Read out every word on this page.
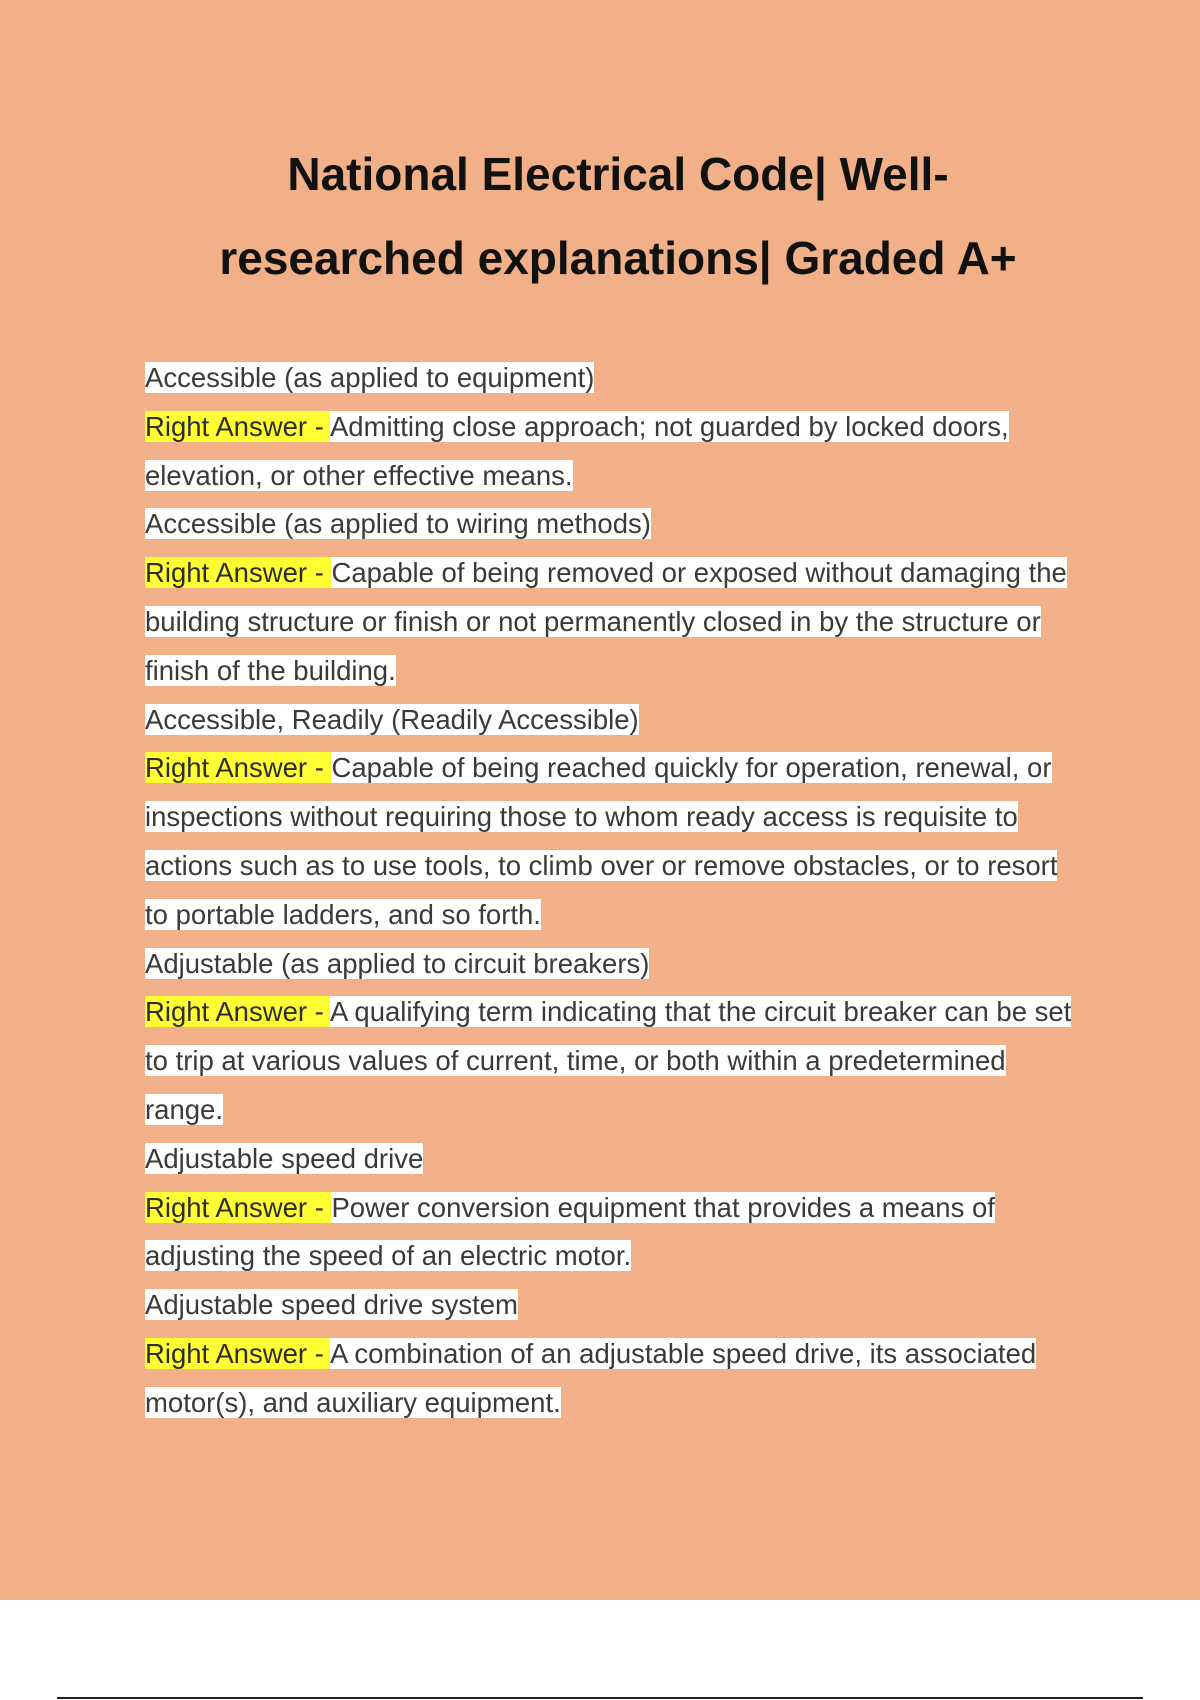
National Electrical Code| Well-
researched explanations| Graded A+

Accessible (as applied to equipment)

Right Answer - Admitting close approach; not guarded by locked doors, elevation, or other effective means.

Accessible (as applied to wiring methods)

Right Answer - Capable of being removed or exposed without damaging the building structure or finish or not permanently closed in by the structure or finish of the building.

Accessible, Readily (Readily Accessible)

Right Answer - Capable of being reached quickly for operation, renewal, or inspections without requiring those to whom ready access is requisite to actions such as to use tools, to climb over or remove obstacles, or to resort to portable ladders, and so forth.

Adjustable (as applied to circuit breakers)

Right Answer - A qualifying term indicating that the circuit breaker can be set to trip at various values of current, time, or both within a predetermined range.

Adjustable speed drive

Right Answer - Power conversion equipment that provides a means of adjusting the speed of an electric motor.

Adjustable speed drive system

Right Answer - A combination of an adjustable speed drive, its associated motor(s), and auxiliary equipment.
